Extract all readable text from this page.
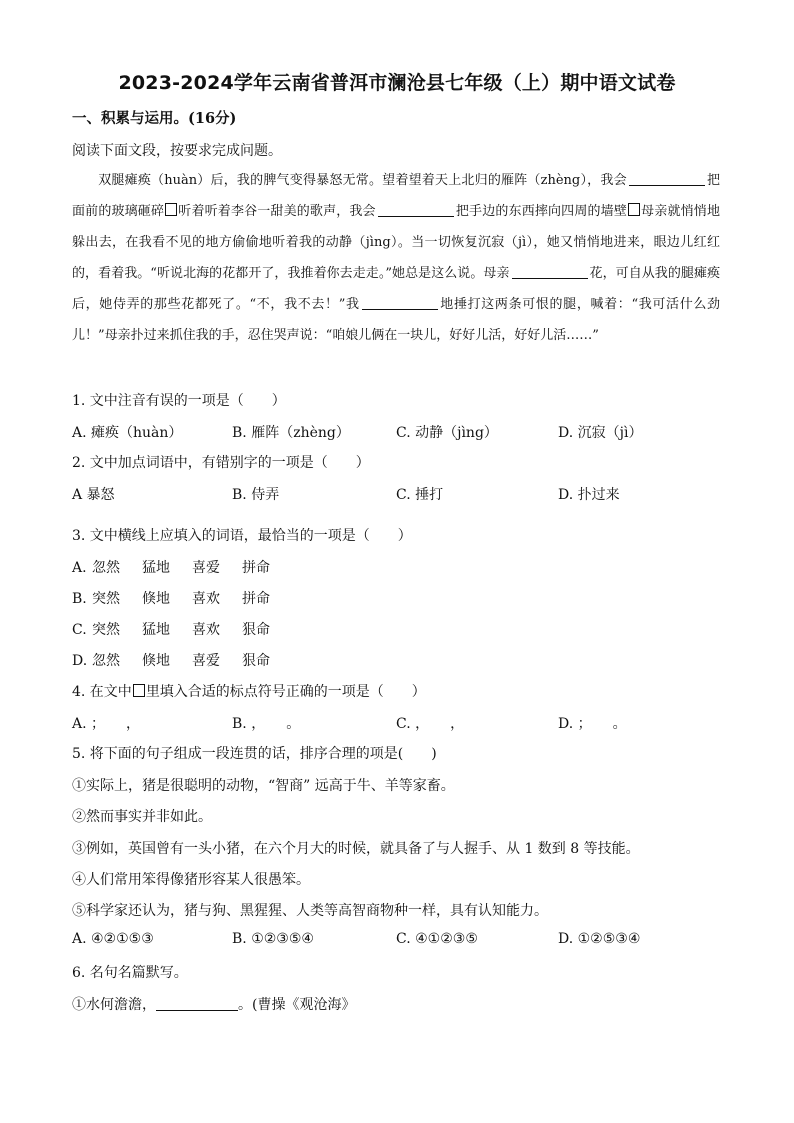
2023-2024学年云南省普洱市澜沧县七年级（上）期中语文试卷
一、积累与运用。(16分)
阅读下面文段，按要求完成问题。
双腿瘫痪（huàn）后，我的脾气变得暴怒无常。望着望着天上北归的雁阵（zhèng），我会	把面前的玻璃砸碎 听着听着李谷一甜美的歌声，我会	把手边的东西摔向四周的墙壁 母亲就悄悄地躲出去，在我看不见的地方偷偷地听着我的动静（jìng）。当一切恢复沉寂（jì），她又悄悄地进来，眼边儿红红的，看着我。“听说北海的花都开了，我推着你去走走。”她总是这么说。母亲	花，可自从我的腿瘫痪后，她侍弄的那些花都死了。“不，我不去！”我	地捶打这两条可恨的腿，喊着：“我可活什么劲儿！”母亲扑过来抓住我的手，忍住哭声说：“咱娘儿俩在一块儿，好好儿活，好好儿活……”
1. 文中注音有误的一项是（　　）
A. 瘫痪（huàn）	B. 雁阵（zhèng）	C. 动静（jìng）	D. 沉寂（jì）
2. 文中加点词语中，有错别字的一项是（　　）
A 暴怒	B. 侍弄	C. 捶打	D. 扑过来
3. 文中横线上应填入的词语，最恰当的一项是（　　）
A. 忽然 猛地 喜爱 拼命
B. 突然 倏地 喜欢 拼命
C. 突然 猛地 喜欢 狠命
D. 忽然 倏地 喜爱 狠命
4. 在文中 里填入合适的标点符号正确的一项是（　　）
A. ；　　，	B. ，　　。	C. ，　　，	D. ；　　。
5. 将下面的句子组成一段连贯的话，排序合理的项是(　　)
①实际上，猪是很聪明的动物，“智商” 远高于牛、羊等家畜。
②然而事实并非如此。
③例如，英国曾有一头小猪，在六个月大的时候，就具备了与人握手、从 1 数到 8 等技能。
④人们常用笨得像猪形容某人很愚笨。
⑤科学家还认为，猪与狗、黑猩猩、人类等高智商物种一样，具有认知能力。
A. ④②①⑤③	B. ①②③⑤④	C. ④①②③⑤	D. ①②⑤③④
6. 名句名篇默写。
①水何澹澹，	。(曹操《观沧海》
